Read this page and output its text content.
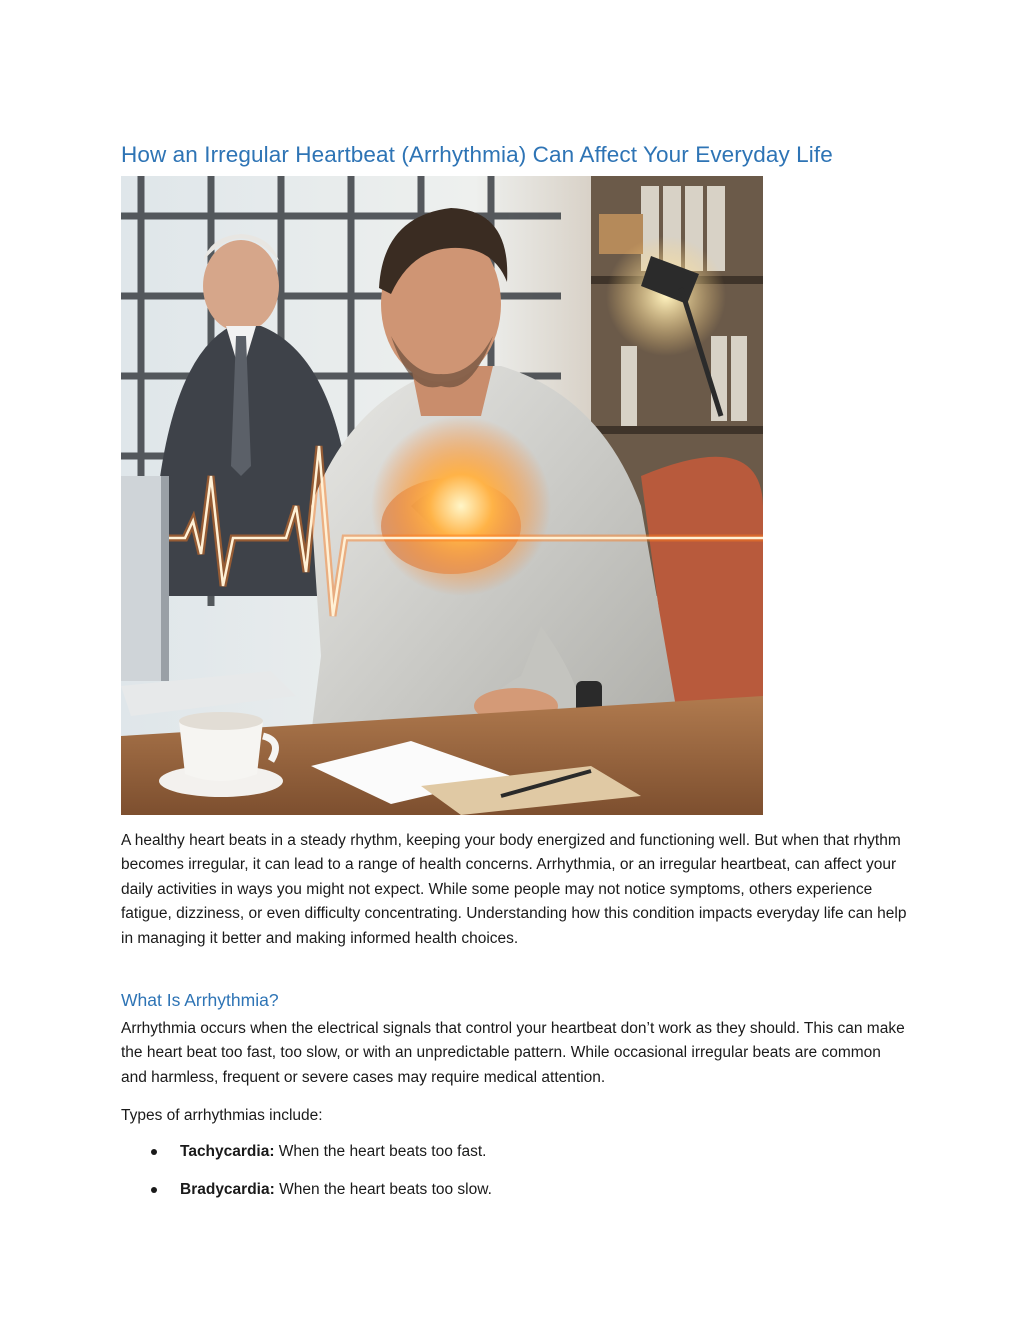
How an Irregular Heartbeat (Arrhythmia) Can Affect Your Everyday Life

A healthy heart beats in a steady rhythm, keeping your body energized and functioning well. But when that rhythm becomes irregular, it can lead to a range of health concerns. Arrhythmia, or an irregular heartbeat, can affect your daily activities in ways you might not expect. While some people may not notice symptoms, others experience fatigue, dizziness, or even difficulty concentrating. Understanding how this condition impacts everyday life can help in managing it better and making informed health choices.

What Is Arrhythmia?

Arrhythmia occurs when the electrical signals that control your heartbeat don’t work as they should. This can make the heart beat too fast, too slow, or with an unpredictable pattern. While occasional irregular beats are common and harmless, frequent or severe cases may require medical attention.

Types of arrhythmias include:

Tachycardia: When the heart beats too fast.
Bradycardia: When the heart beats too slow.
